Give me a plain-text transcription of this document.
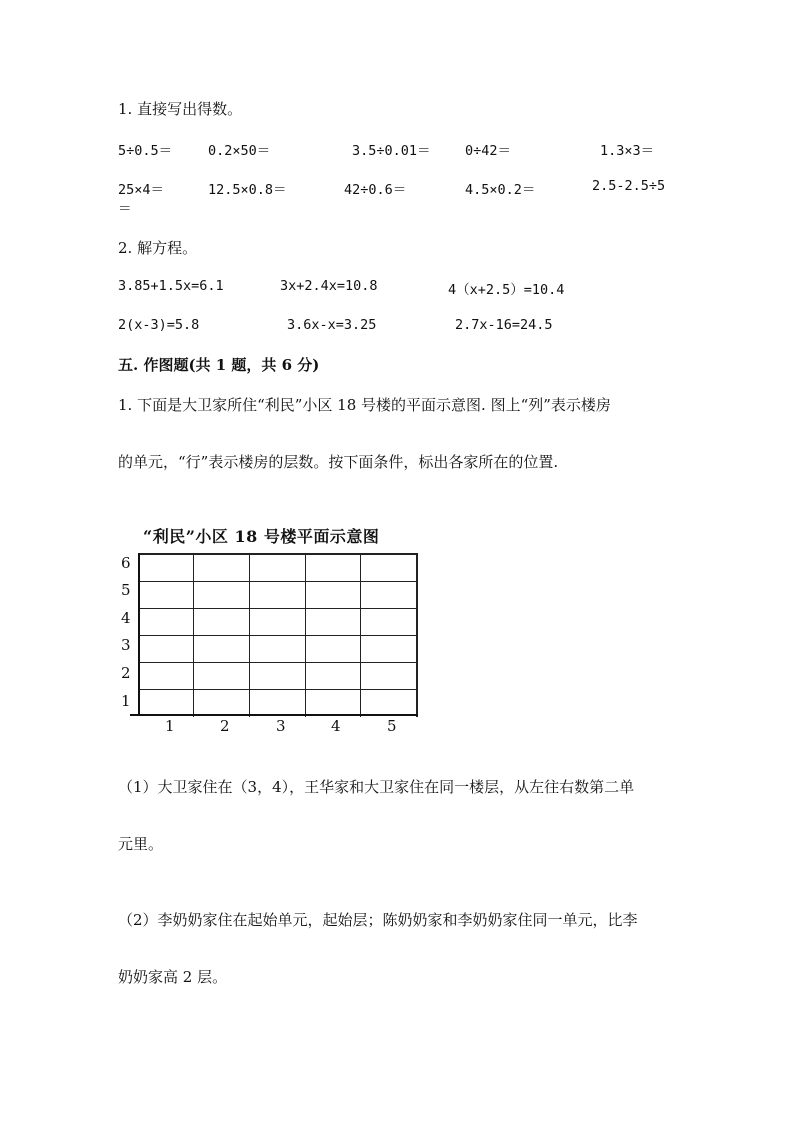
1. 直接写出得数。
5÷0.5＝	0.2×50＝	3.5÷0.01＝	0÷42＝	1.3×3＝
25×4＝	12.5×0.8＝	42÷0.6＝	4.5×0.2＝	2.5-2.5÷5
＝
2. 解方程。
3.85+1.5x=6.1	3x+2.4x=10.8	4（x+2.5）=10.4
2(x-3)=5.8	3.6x-x=3.25	2.7x-16=24.5
五. 作图题(共 1 题，共 6 分)
1. 下面是大卫家所住“利民”小区 18 号楼的平面示意图. 图上“列”表示楼房
的单元，“行”表示楼房的层数。按下面条件，标出各家所在的位置.
“利民”小区 18 号楼平面示意图
6
5
4
3
2
1
1	2	3	4	5
（1）大卫家住在（3，4），王华家和大卫家住在同一楼层，从左往右数第二单
元里。
（2）李奶奶家住在起始单元，起始层；陈奶奶家和李奶奶家住同一单元，比李
奶奶家高 2 层。
